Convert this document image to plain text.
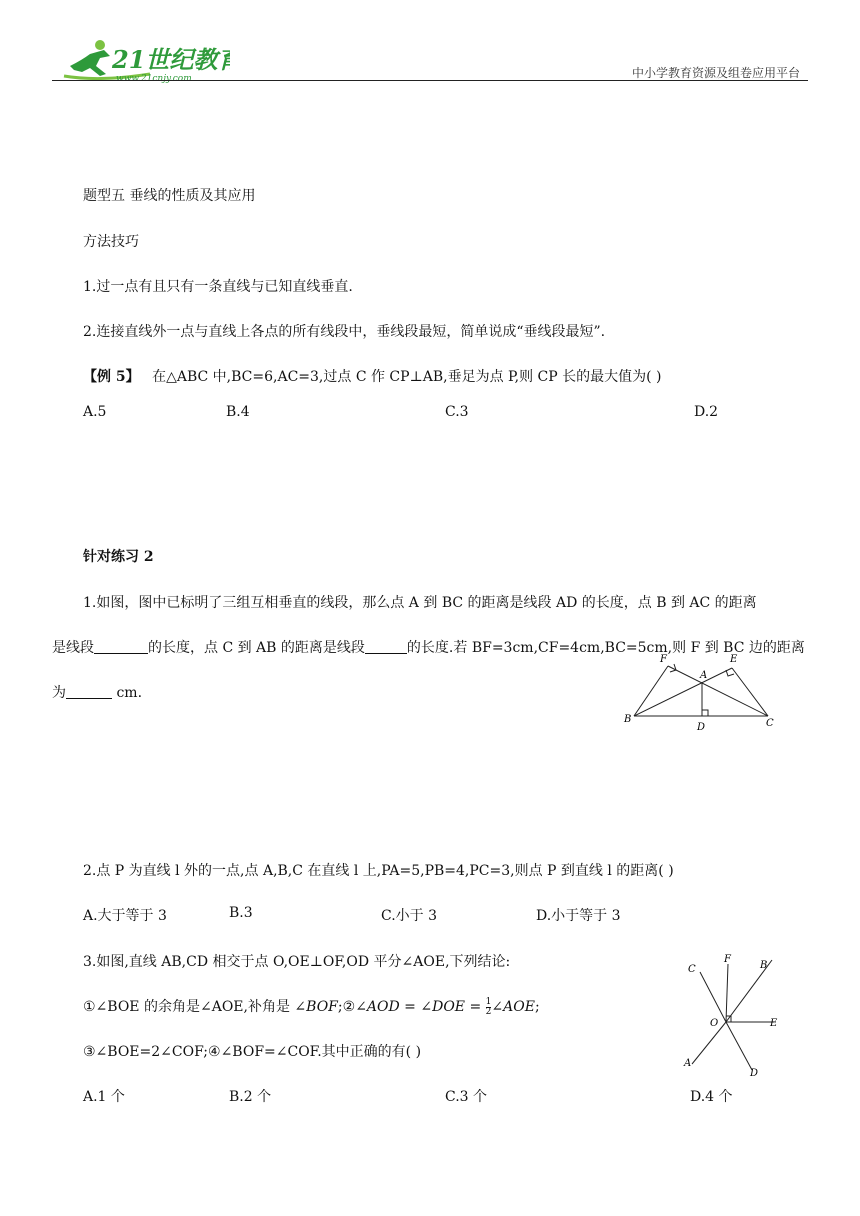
21世纪教育
www.21cnjy.com	中小学教育资源及组卷应用平台
题型五 垂线的性质及其应用
方法技巧
1.过一点有且只有一条直线与已知直线垂直.
2.连接直线外一点与直线上各点的所有线段中，垂线段最短，简单说成“垂线段最短”.
【例 5】 在△ABC 中,BC=6,AC=3,过点 C 作 CP⊥AB,垂足为点 P,则 CP 长的最大值为( )
A.5	B.4	C.3	D.2
针对练习 2
1.如图，图中已标明了三组互相垂直的线段，那么点 A 到 BC 的距离是线段 AD 的长度，点 B 到 AC 的距离
是线段	的长度，点 C 到 AB 的距离是线段	的长度.若 BF=3cm,CF=4cm,BC=5cm,则 F 到 BC 边的距离
为	cm.
F
A
E
B
D	C
2.点 P 为直线 l 外的一点,点 A,B,C 在直线 l 上,PA=5,PB=4,PC=3,则点 P 到直线 l 的距离( )
A.大于等于 3	B.3	C.小于 3	D.小于等于 3
3.如图,直线 AB,CD 相交于点 O,OE⊥OF,OD 平分∠AOE,下列结论:
①∠BOE 的余角是∠AOE,补角是 ∠BOF;②∠AOD = ∠DOE = $\frac{1}{2}$ ∠AOE;
③∠BOE=2∠COF;④∠BOF=∠COF.其中正确的有( )
A.1 个	B.2 个	C.3 个	D.4 个
C
F
B
O	E
A
D
